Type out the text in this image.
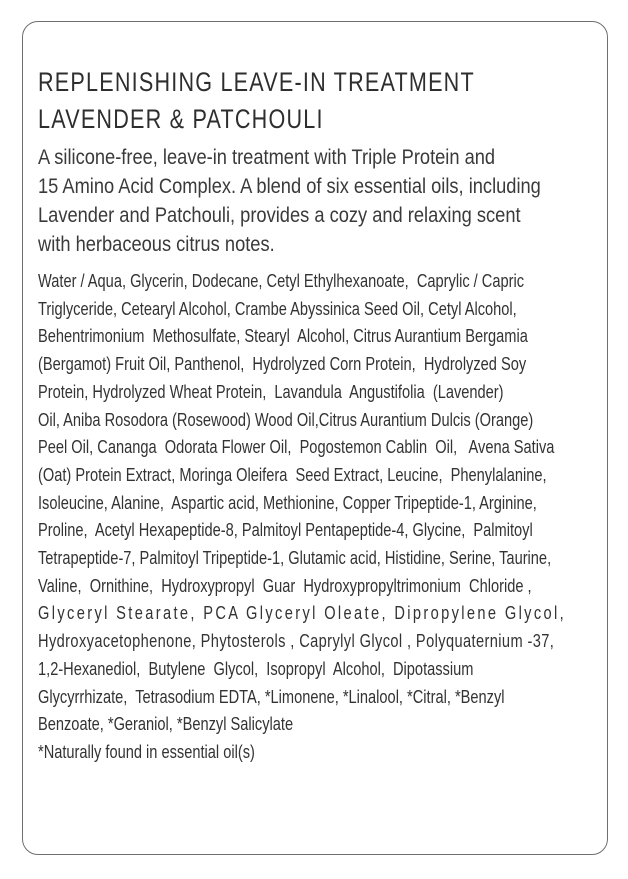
REPLENISHING LEAVE-IN TREATMENT
LAVENDER & PATCHOULI
A silicone-free, leave-in treatment with Triple Protein and
15 Amino Acid Complex. A blend of six essential oils, including
Lavender and Patchouli, provides a cozy and relaxing scent
with herbaceous citrus notes.
Water / Aqua, Glycerin, Dodecane, Cetyl Ethylhexanoate,  Caprylic / Capric
Triglyceride, Cetearyl Alcohol, Crambe Abyssinica Seed Oil, Cetyl Alcohol,
Behentrimonium  Methosulfate, Stearyl  Alcohol, Citrus Aurantium Bergamia
(Bergamot) Fruit Oil, Panthenol,  Hydrolyzed Corn Protein,  Hydrolyzed Soy
Protein, Hydrolyzed Wheat Protein,  Lavandula  Angustifolia  (Lavender)
Oil, Aniba Rosodora (Rosewood) Wood Oil,Citrus Aurantium Dulcis (Orange)
Peel Oil, Cananga  Odorata Flower Oil,  Pogostemon Cablin  Oil,   Avena Sativa
(Oat) Protein Extract, Moringa Oleifera  Seed Extract, Leucine,  Phenylalanine,
Isoleucine, Alanine,  Aspartic acid, Methionine, Copper Tripeptide-1, Arginine,
Proline,  Acetyl Hexapeptide-8, Palmitoyl Pentapeptide-4, Glycine,  Palmitoyl
Tetrapeptide-7, Palmitoyl Tripeptide-1, Glutamic acid, Histidine, Serine, Taurine,
Valine,  Ornithine,  Hydroxypropyl  Guar  Hydroxypropyltrimonium  Chloride ,
Glyceryl Stearate, PCA Glyceryl Oleate, Dipropylene Glycol,
Hydroxyacetophenone, Phytosterols , Caprylyl Glycol , Polyquaternium -37,
1,2-Hexanediol,  Butylene  Glycol,  Isopropyl  Alcohol,  Dipotassium
Glycyrrhizate,  Tetrasodium EDTA, *Limonene, *Linalool, *Citral, *Benzyl
Benzoate, *Geraniol, *Benzyl Salicylate
*Naturally found in essential oil(s)
